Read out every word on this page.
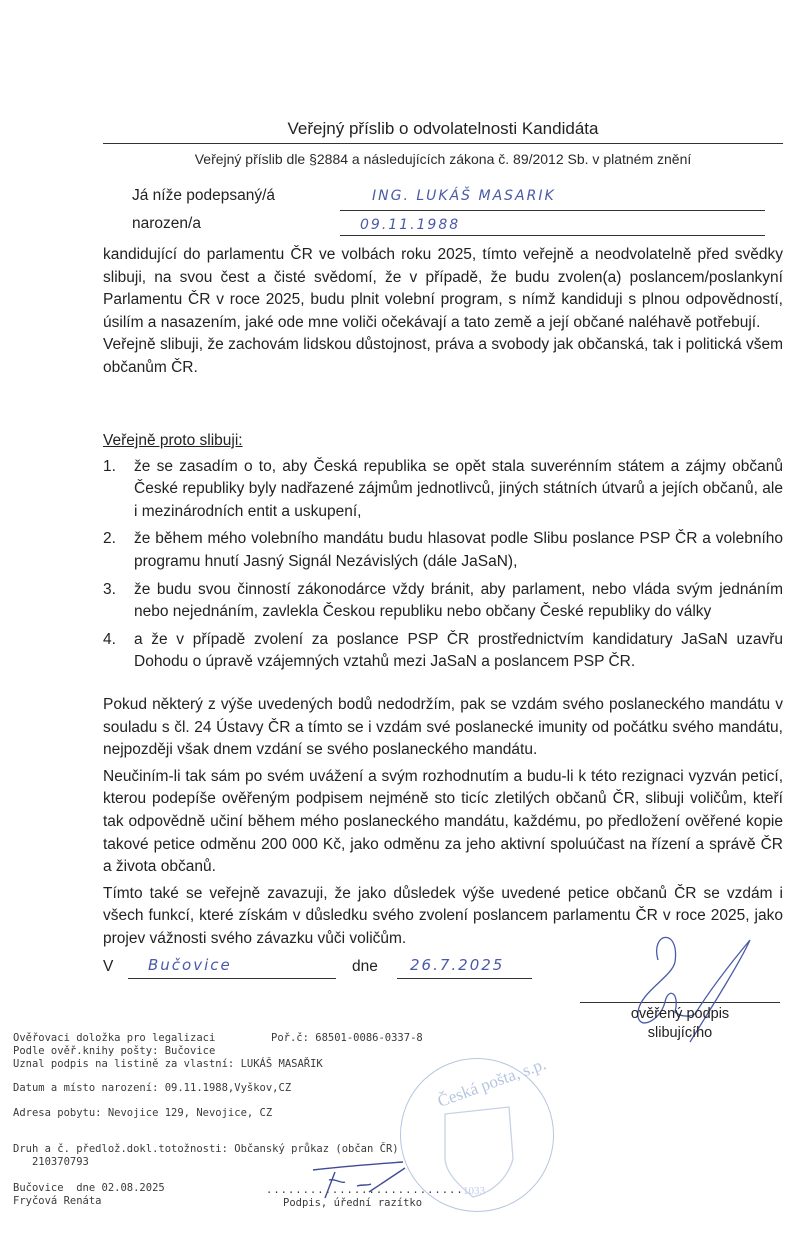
Veřejný příslib o odvolatelnosti Kandidáta
Veřejný příslib dle §2884 a následujících zákona č. 89/2012 Sb. v platném znění
Já níže podepsaný/á	ING. LUKÁŠ MASARIK
narozen/a	09.11.1988

kandidující do parlamentu ČR ve volbách roku 2025, tímto veřejně a neodvolatelně před svědky slibuji, na svou čest a čisté svědomí, že v případě, že budu zvolen(a) poslancem/poslankyní Parlamentu ČR v roce 2025, budu plnit volební program, s nímž kandiduji s plnou odpovědností, úsilím a nasazením, jaké ode mne voliči očekávají a tato země a její občané naléhavě potřebují.

Veřejně slibuji, že zachovám lidskou důstojnost, práva a svobody jak občanská, tak i politická všem občanům ČR.

Veřejně proto slibuji:

1. že se zasadím o to, aby Česká republika se opět stala suverénním státem a zájmy občanů České republiky byly nadřazené zájmům jednotlivců, jiných státních útvarů a jejích občanů, ale i mezinárodních entit a uskupení,
2. že během mého volebního mandátu budu hlasovat podle Slibu poslance PSP ČR a volebního programu hnutí Jasný Signál Nezávislých (dále JaSaN),
3. že budu svou činností zákonodárce vždy bránit, aby parlament, nebo vláda svým jednáním nebo nejednáním, zavlekla Českou republiku nebo občany České republiky do války
4. a že v případě zvolení za poslance PSP ČR prostřednictvím kandidatury JaSaN uzavřu Dohodu o úpravě vzájemných vztahů mezi JaSaN a poslancem PSP ČR.

Pokud některý z výše uvedených bodů nedodržím, pak se vzdám svého poslaneckého mandátu v souladu s čl. 24 Ústavy ČR a tímto se i vzdám své poslanecké imunity od počátku svého mandátu, nejpozději však dnem vzdání se svého poslaneckého mandátu.

Neučiním-li tak sám po svém uvážení a svým rozhodnutím a budu-li k této rezignaci vyzván peticí, kterou podepíše ověřeným podpisem nejméně sto ticíc zletilých občanů ČR, slibuji voličům, kteří tak odpovědně učiní během mého poslaneckého mandátu, každému, po předložení ověřené kopie takové petice odměnu 200 000 Kč, jako odměnu za jeho aktivní spoluúčast na řízení a správě ČR a života občanů.

Tímto také se veřejně zavazuji, že jako důsledek výše uvedené petice občanů ČR se vzdám i všech funkcí, které získám v důsledku svého zvolení poslancem parlamentu ČR v roce 2025, jako projev vážnosti svého závazku vůči voličům.

V Bučovice	dne 26.7.2025
ověřený podpis
slibujícího
Ověřovaci doložka pro legalizaci	Poř.č: 68501-0086-0337-8
Podle ověř.knihy pošty: Bučovice
Uznal podpis na listině za vlastní: LUKÁŠ MASAŘIK
Datum a místo narození: 09.11.1988,Vyškov,CZ
Adresa pobytu: Nevojice 129, Nevojice, CZ
Druh a č. předlož.dokl.totožnosti: Občanský průkaz (občan ČR)
210370793
Bučovice  dne 02.08.2025
Fryčová Renáta
...........................
Podpis, úřední razítko
Česká pošta, s.p.
1033
